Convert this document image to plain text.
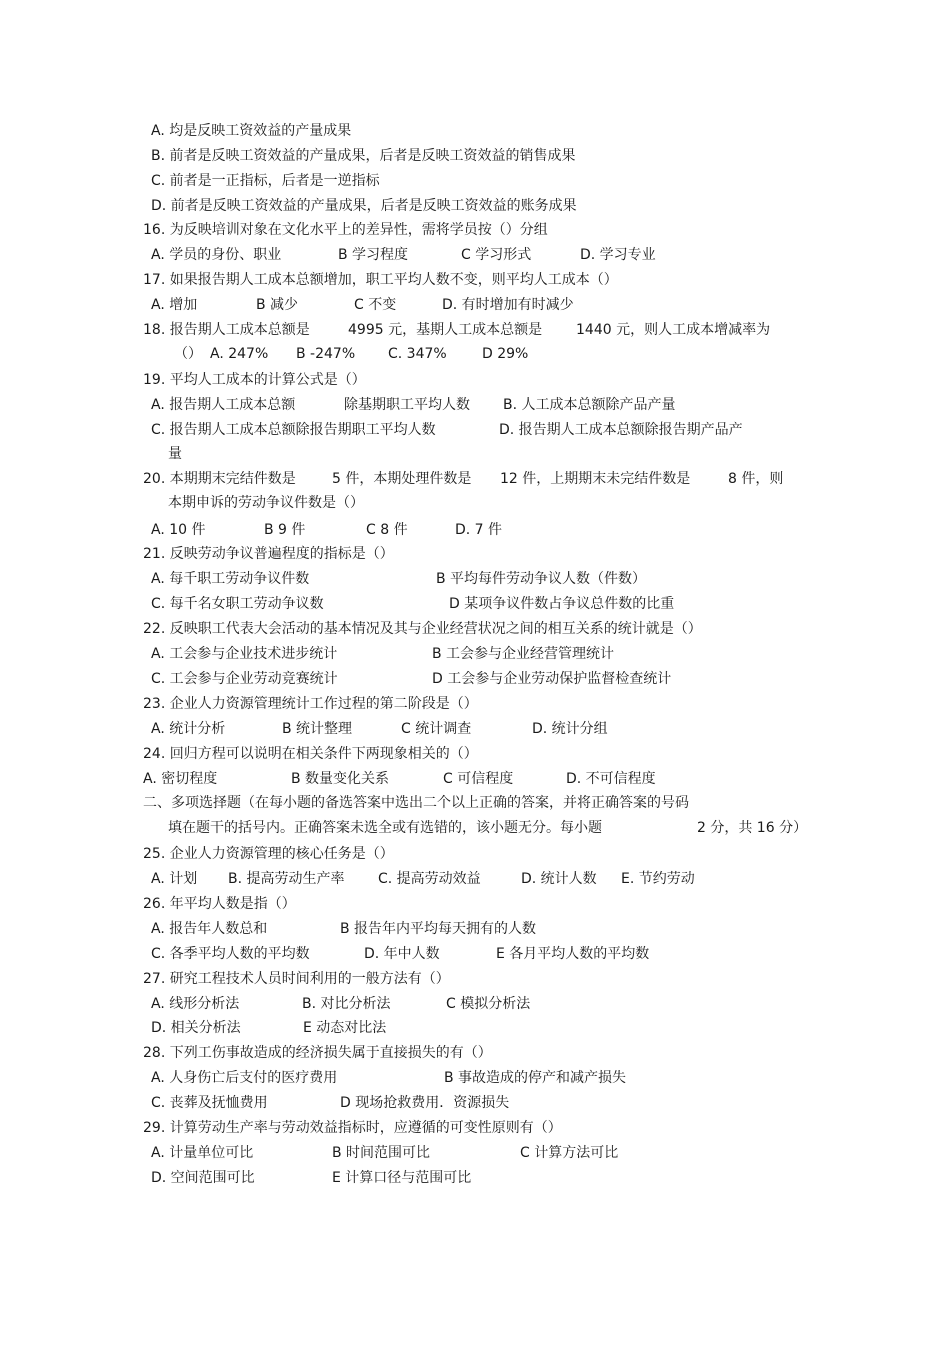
A. 均是反映工资效益的产量成果
B. 前者是反映工资效益的产量成果，后者是反映工资效益的销售成果
C. 前者是一正指标，后者是一逆指标
D. 前者是反映工资效益的产量成果，后者是反映工资效益的账务成果
16. 为反映培训对象在文化水平上的差异性，需将学员按（）分组
A. 学员的身份、职业	B 学习程度	C 学习形式	D. 学习专业
17. 如果报告期人工成本总额增加，职工平均人数不变，则平均人工成本（）
A. 增加	B 减少	C 不变	D. 有时增加有时减少
18. 报告期人工成本总额是	4995 元，基期人工成本总额是 1440 元，则人工成本增减率为
（） A. 247% B -247% C. 347%	D 29%
19. 平均人工成本的计算公式是（）
A. 报告期人工成本总额	除基期职工平均人数 B. 人工成本总额除产品产量
C. 报告期人工成本总额除报告期职工平均人数	D. 报告期人工成本总额除报告期产品产
量
20. 本期期末完结件数是	5 件，本期处理件数是 12 件，上期期末未完结件数是	8 件，则
本期申诉的劳动争议件数是（）
A. 10 件	B 9 件	C 8 件	D. 7 件
21. 反映劳动争议普遍程度的指标是（）
A. 每千职工劳动争议件数	B 平均每件劳动争议人数（件数）
C. 每千名女职工劳动争议数	D 某项争议件数占争议总件数的比重
22. 反映职工代表大会活动的基本情况及其与企业经营状况之间的相互关系的统计就是（）
A. 工会参与企业技术进步统计	B 工会参与企业经营管理统计
C. 工会参与企业劳动竞赛统计	D 工会参与企业劳动保护监督检查统计
23. 企业人力资源管理统计工作过程的第二阶段是（）
A. 统计分析	B 统计整理	C 统计调查	D. 统计分组
24. 回归方程可以说明在相关条件下两现象相关的（）
A. 密切程度	B 数量变化关系	C 可信程度	D. 不可信程度
二、多项选择题（在每小题的备选答案中选出二个以上正确的答案，并将正确答案的号码
填在题干的括号内。正确答案未选全或有选错的，该小题无分。每小题	2 分，共 16 分）
25. 企业人力资源管理的核心任务是（）
A. 计划 B. 提高劳动生产率 C. 提高劳动效益	D. 统计人数 E. 节约劳动
26. 年平均人数是指（）
A. 报告年人数总和	B 报告年内平均每天拥有的人数
C. 各季平均人数的平均数	D. 年中人数	E 各月平均人数的平均数
27. 研究工程技术人员时间利用的一般方法有（）
A. 线形分析法	B. 对比分析法	C 模拟分析法
D. 相关分析法	E 动态对比法
28. 下列工伤事故造成的经济损失属于直接损失的有（）
A. 人身伤亡后支付的医疗费用	B 事故造成的停产和减产损失
C. 丧葬及抚恤费用	D 现场抢救费用．资源损失
29. 计算劳动生产率与劳动效益指标时，应遵循的可变性原则有（）
A. 计量单位可比	B 时间范围可比	C 计算方法可比
D. 空间范围可比	E 计算口径与范围可比
